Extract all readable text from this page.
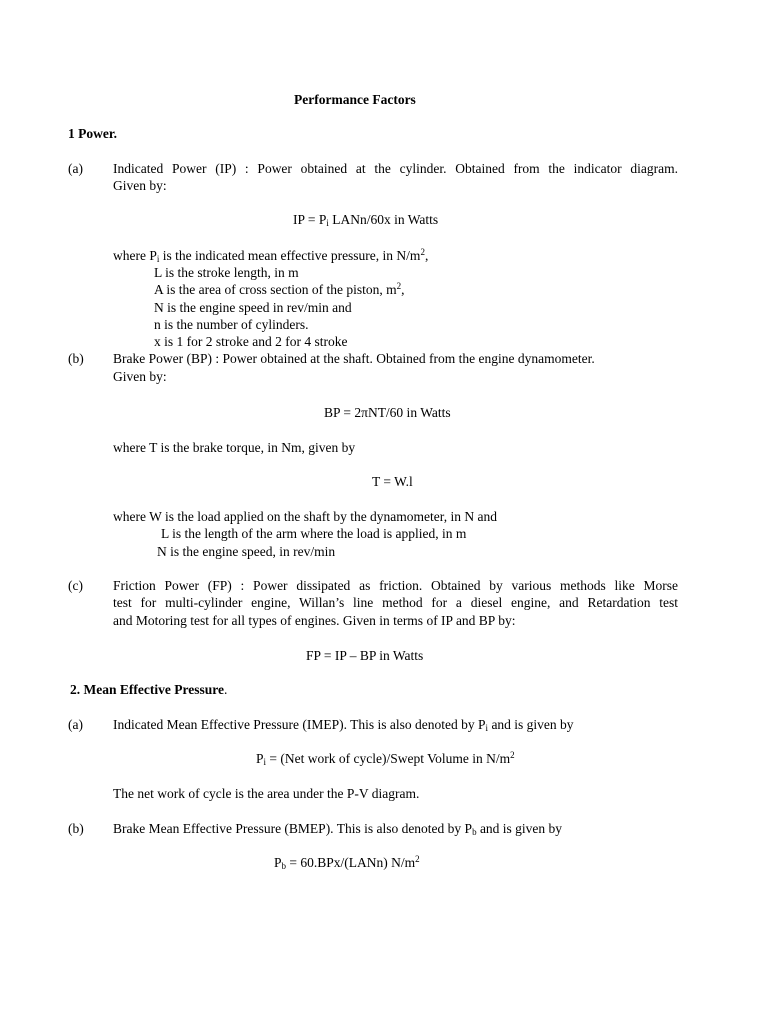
Performance Factors
1 Power.
(a) Indicated Power (IP) : Power obtained at the cylinder. Obtained from the indicator diagram.
Given by:
IP = $P_i$ LANn/60x in Watts
where $P_i$ is the indicated mean effective pressure, in $N/m^2$,
L is the stroke length, in m
A is the area of cross section of the piston, $m^2$,
N is the engine speed in rev/min and
n is the number of cylinders.
x is 1 for 2 stroke and 2 for 4 stroke
(b) Brake Power (BP) : Power obtained at the shaft. Obtained from the engine dynamometer.
Given by:
BP = 2πNT/60 in Watts
where T is the brake torque, in Nm, given by
T = W.l
where W is the load applied on the shaft by the dynamometer, in N and
L is the length of the arm where the load is applied, in m
N is the engine speed, in rev/min
(c) Friction Power (FP) : Power dissipated as friction. Obtained by various methods like Morse
test for multi-cylinder engine, Willan’s line method for a diesel engine, and Retardation test
and Motoring test for all types of engines. Given in terms of IP and BP by:
FP = IP – BP in Watts
2. Mean Effective Pressure.
(a) Indicated Mean Effective Pressure (IMEP). This is also denoted by $P_i$ and is given by
$P_i = (Net$ work of cycle)/Swept Volume in $N/m^2$
The net work of cycle is the area under the P-V diagram.
(b) Brake Mean Effective Pressure (BMEP). This is also denoted by $P_b$ and is given by
$P_b$ = 60.BPx/(LANn) $N/m^2$
